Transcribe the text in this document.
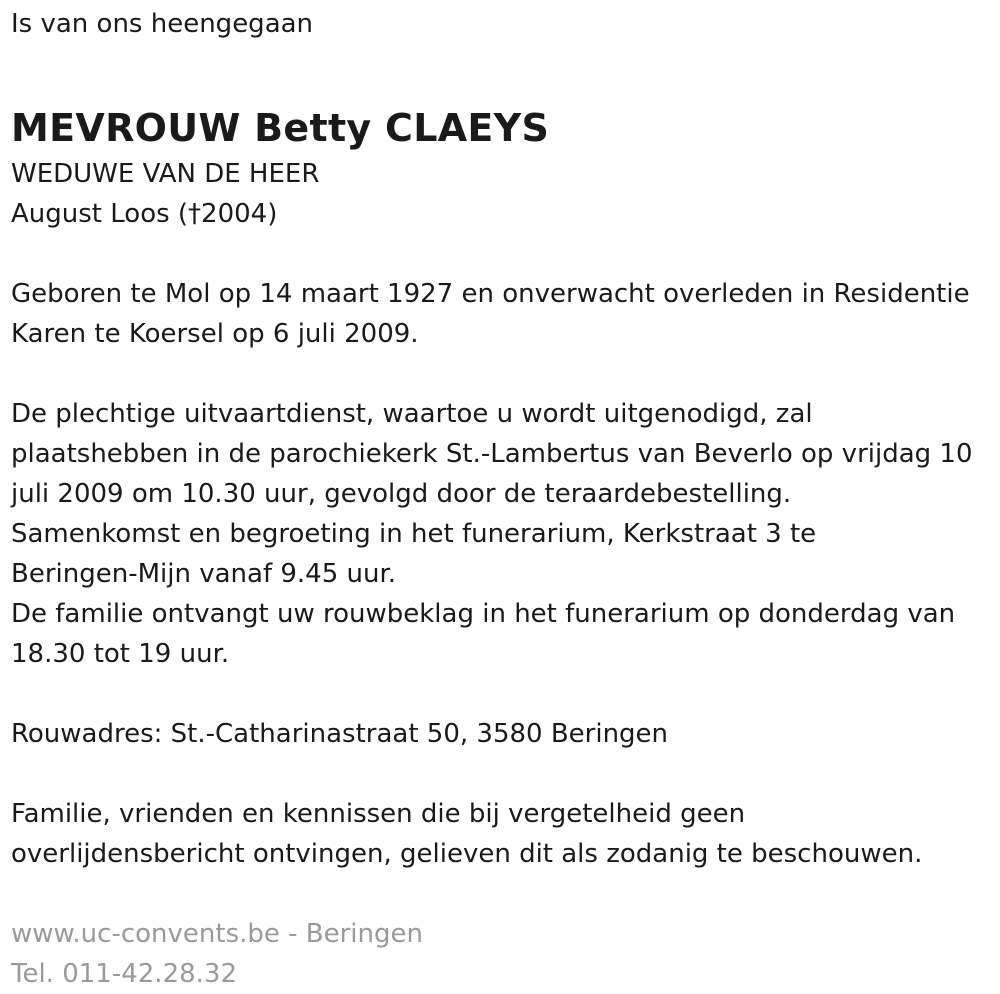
Is van ons heengegaan
MEVROUW Betty CLAEYS
WEDUWE VAN DE HEER
August Loos (†2004)
Geboren te Mol op 14 maart 1927 en onverwacht overleden in Residentie
Karen te Koersel op 6 juli 2009.
De plechtige uitvaartdienst, waartoe u wordt uitgenodigd, zal
plaatshebben in de parochiekerk St.-Lambertus van Beverlo op vrijdag 10
juli 2009 om 10.30 uur, gevolgd door de teraardebestelling.
Samenkomst en begroeting in het funerarium, Kerkstraat 3 te
Beringen-Mijn vanaf 9.45 uur.
De familie ontvangt uw rouwbeklag in het funerarium op donderdag van
18.30 tot 19 uur.
Rouwadres: St.-Catharinastraat 50, 3580 Beringen
Familie, vrienden en kennissen die bij vergetelheid geen
overlijdensbericht ontvingen, gelieven dit als zodanig te beschouwen.
www.uc-convents.be - Beringen
Tel. 011-42.28.32
